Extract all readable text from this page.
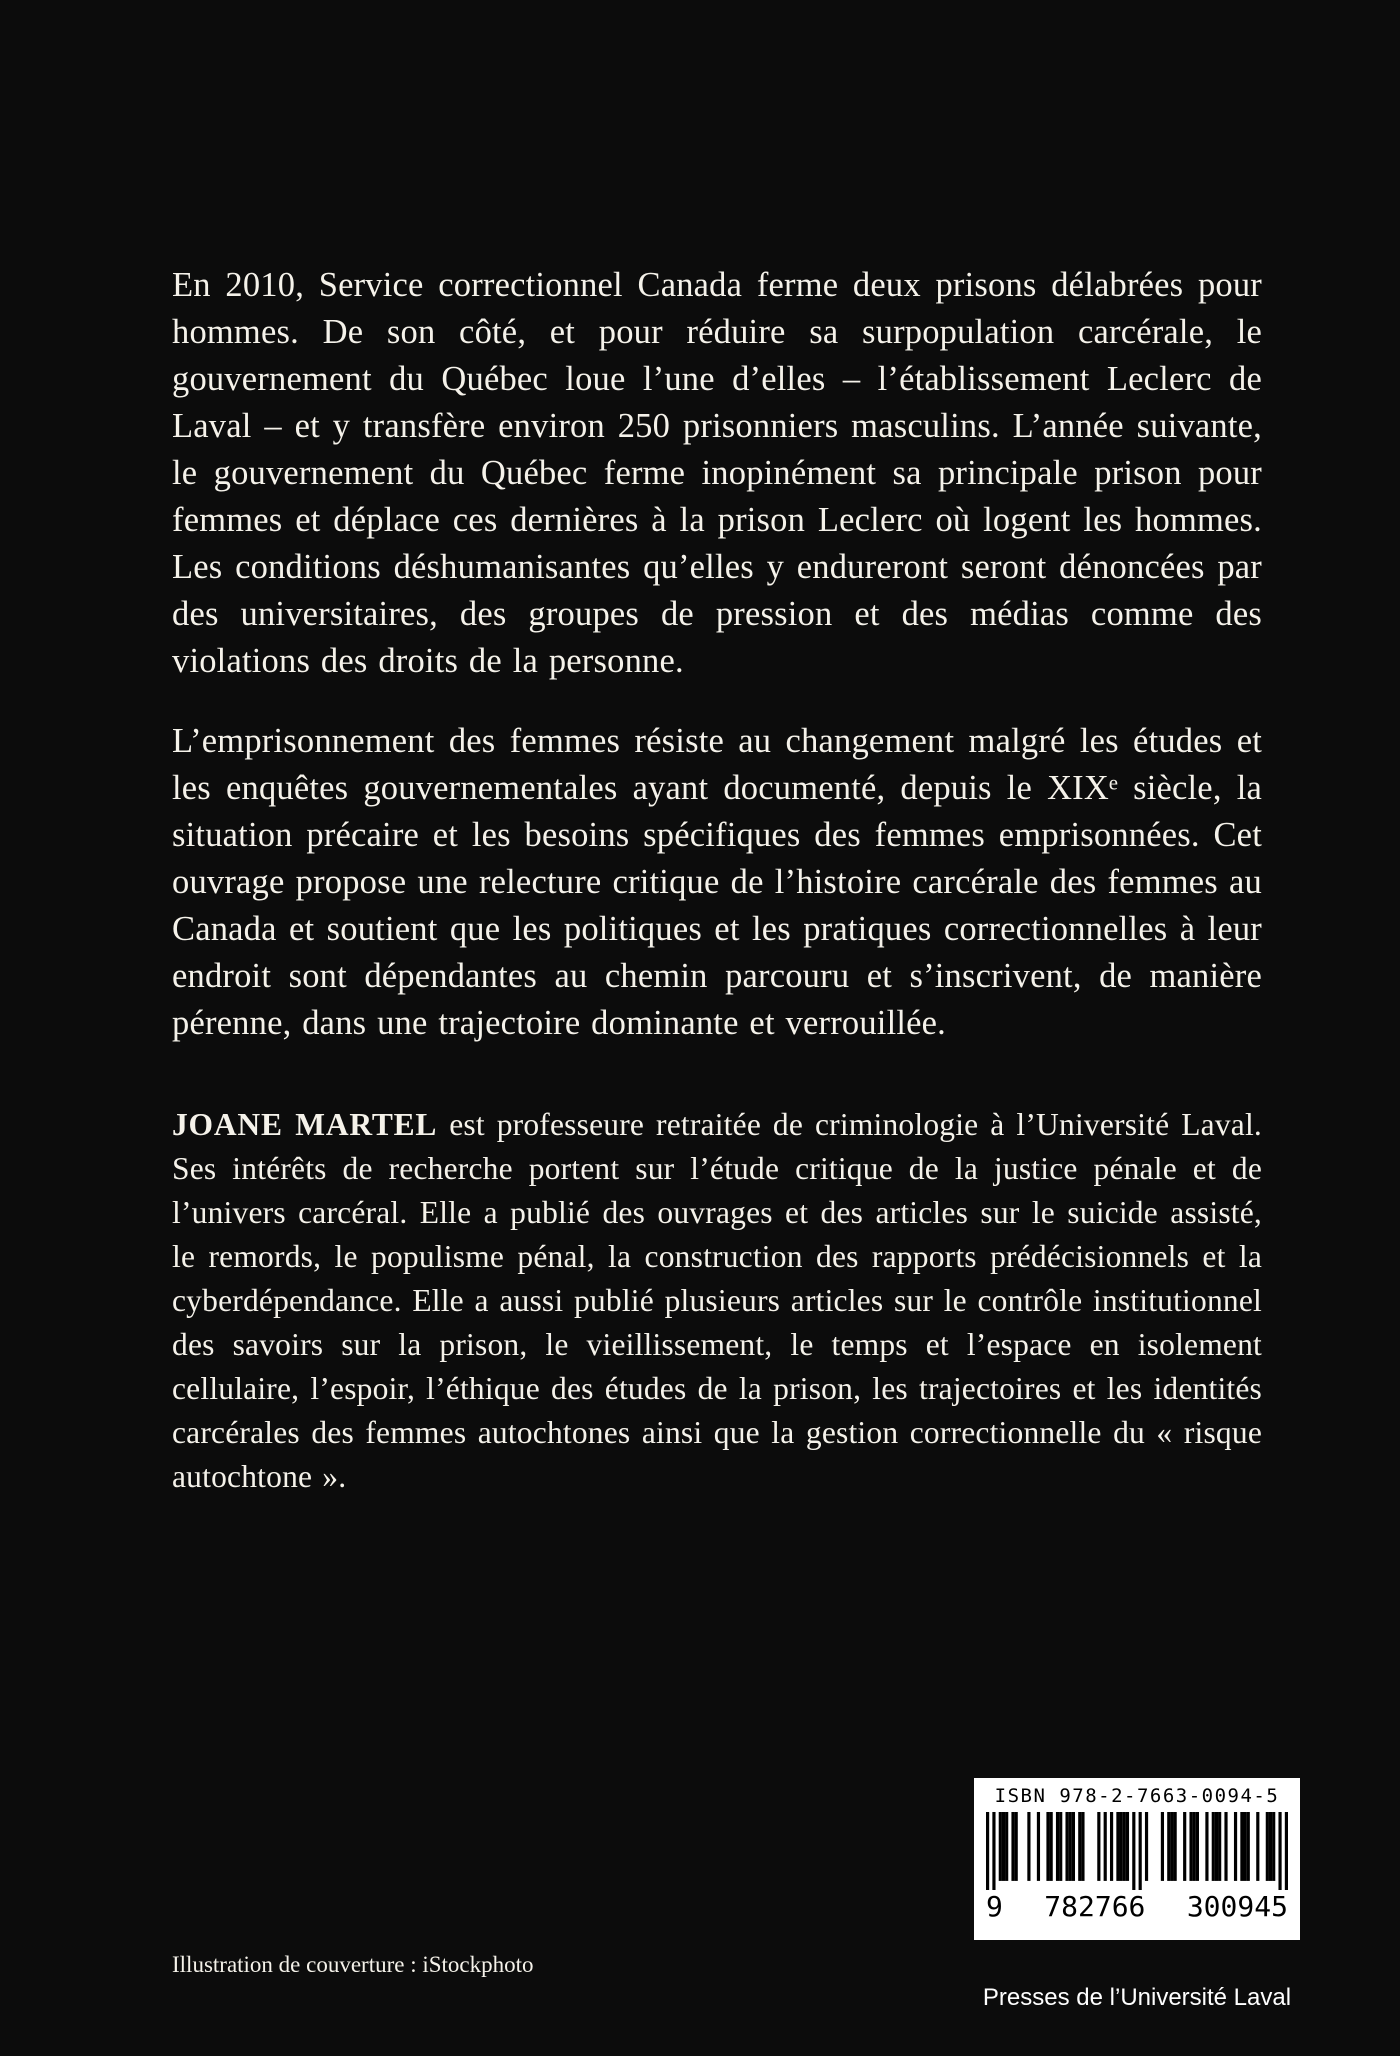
En 2010, Service correctionnel Canada ferme deux prisons délabrées pour hommes. De son côté, et pour réduire sa surpopulation carcérale, le gouvernement du Québec loue l’une d’elles – l’établissement Leclerc de Laval – et y transfère environ 250 prisonniers masculins. L’année suivante, le gouvernement du Québec ferme inopinément sa principale prison pour femmes et déplace ces dernières à la prison Leclerc où logent les hommes. Les conditions déshumanisantes qu’elles y endureront seront dénoncées par des universitaires, des groupes de pression et des médias comme des violations des droits de la personne.

L’emprisonnement des femmes résiste au changement malgré les études et les enquêtes gouvernementales ayant documenté, depuis le XIXᵉ siècle, la situation précaire et les besoins spécifiques des femmes emprisonnées. Cet ouvrage propose une relecture critique de l’histoire carcérale des femmes au Canada et soutient que les politiques et les pratiques correctionnelles à leur endroit sont dépendantes au chemin parcouru et s’inscrivent, de manière pérenne, dans une trajectoire dominante et verrouillée.

JOANE MARTEL est professeure retraitée de criminologie à l’Université Laval. Ses intérêts de recherche portent sur l’étude critique de la justice pénale et de l’univers carcéral. Elle a publié des ouvrages et des articles sur le suicide assisté, le remords, le populisme pénal, la construction des rapports prédécisionnels et la cyberdépendance. Elle a aussi publié plusieurs articles sur le contrôle institutionnel des savoirs sur la prison, le vieillissement, le temps et l’espace en isolement cellulaire, l’espoir, l’éthique des études de la prison, les trajectoires et les identités carcérales des femmes autochtones ainsi que la gestion correctionnelle du « risque autochtone ».

Illustration de couverture : iStockphoto
ISBN 978-2-7663-0094-5
9 782766 300945
Presses de l’Université Laval
